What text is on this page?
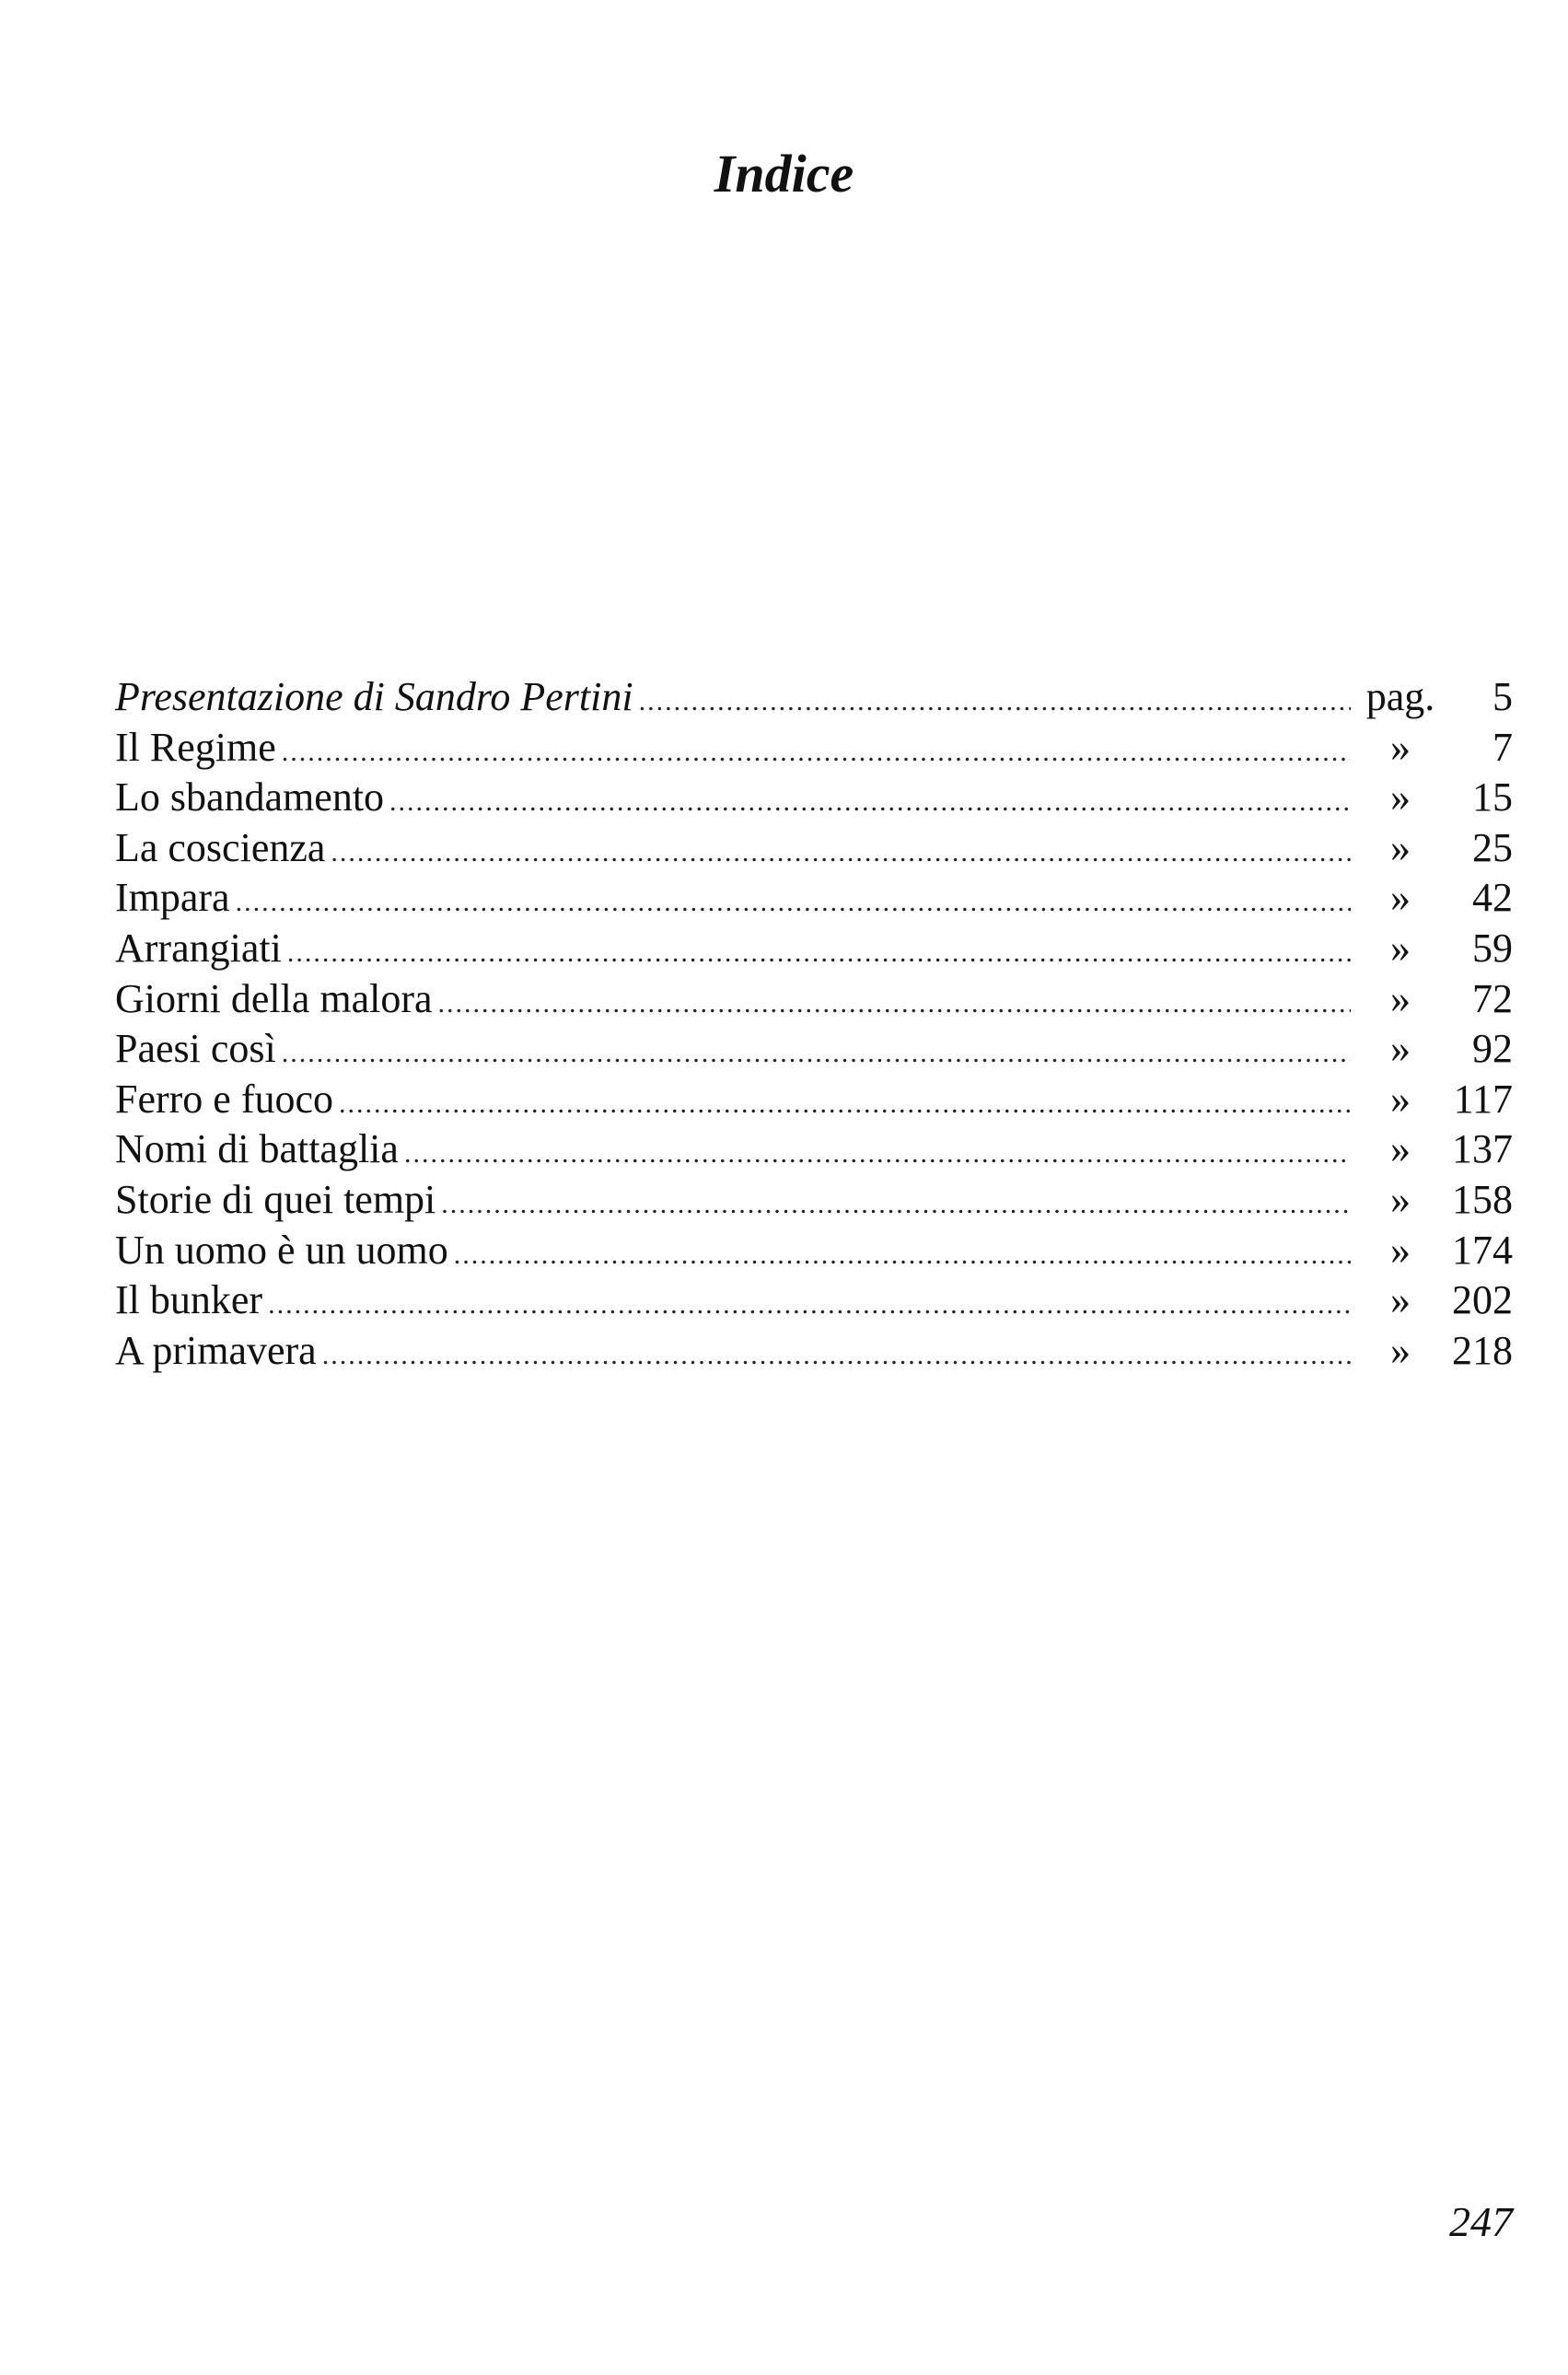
Indice
Presentazione di Sandro Pertini .....	pag.	5
Il Regime .....	»	7
Lo sbandamento .....	»	15
La coscienza .....	»	25
Impara .....	»	42
Arrangiati .....	»	59
Giorni della malora .....	»	72
Paesi così .....	»	92
Ferro e fuoco .....	»	117
Nomi di battaglia .....	»	137
Storie di quei tempi .....	»	158
Un uomo è un uomo .....	»	174
Il bunker .....	»	202
A primavera .....	»	218
247
